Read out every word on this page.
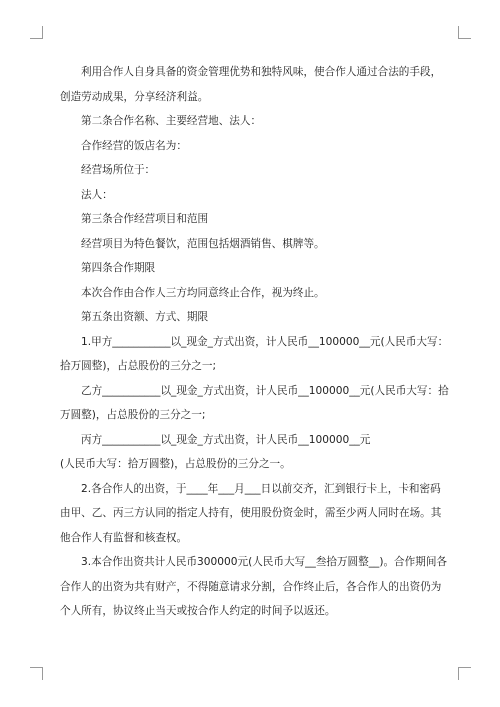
利用合作人自身具备的资金管理优势和独特风味，使合作人通过合法的手段，创造劳动成果，分享经济利益。

第二条合作名称、主要经营地、法人：

合作经营的饭店名为：

经营场所位于：

法人：

第三条合作经营项目和范围

经营项目为特色餐饮，范围包括烟酒销售、棋牌等。

第四条合作期限

本次合作由合作人三方均同意终止合作，视为终止。

第五条出资额、方式、期限

1.甲方___________以_现金_方式出资，计人民币__100000__元(人民币大写：

拾万圆整)，占总股份的三分之一;

乙方___________以_现金_方式出资，计人民币__100000__元(人民币大写：拾

万圆整)，占总股份的三分之一;

丙方___________以_现金_方式出资，计人民币__100000__元

(人民币大写：拾万圆整)，占总股份的三分之一。

2.各合作人的出资，于____年___月___日以前交齐，汇到银行卡上，卡和密码由甲、乙、丙三方认同的指定人持有，使用股份资金时，需至少两人同时在场。其他合作人有监督和核查权。

3.本合作出资共计人民币300000元(人民币大写__叁拾万圆整__)。合作期间各合作人的出资为共有财产，不得随意请求分割，合作终止后，各合作人的出资仍为个人所有，协议终止当天或按合作人约定的时间予以返还。
